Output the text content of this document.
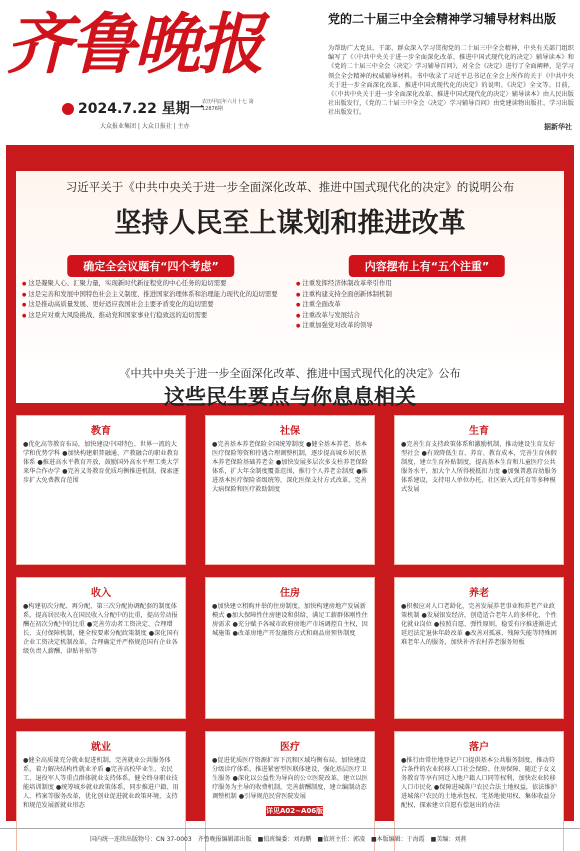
齐鲁晚报
2024.7.22 星期一
农历甲辰年六月十七 第12876期
大众报业集团 | 大众日报社 | 主办
党的二十届三中全会精神学习辅导材料出版
为帮助广大党员、干部、群众深入学习贯彻党的二十届三中全会精神，中央有关部门组织编写了《〈中共中央关于进一步全面深化改革、推进中国式现代化的决定〉辅导读本》和《党的二十届三中全会〈决定〉学习辅导百问》，对全会《决定》进行了全面阐释，是学习领会全会精神的权威辅导材料。书中收录了习近平总书记在全会上所作的关于《中共中央关于进一步全面深化改革、推进中国式现代化的决定》的说明、《决定》全文等。目前，《〈中共中央关于进一步全面深化改革、推进中国式现代化的决定〉辅导读本》由人民出版社出版发行，《党的二十届三中全会〈决定〉学习辅导百问》由党建读物出版社、学习出版社出版发行。
据新华社
习近平关于《中共中央关于进一步全面深化改革、推进中国式现代化的决定》的说明公布
坚持人民至上谋划和推进改革
确定全会议题有“四个考虑”
● 这是凝聚人心、汇聚力量，实现新时代新征程党的中心任务的迫切需要
● 这是完善和发展中国特色社会主义制度、推进国家治理体系和治理能力现代化的迫切需要
● 这是推动高质量发展、更好适应我国社会主要矛盾变化的迫切需要
● 这是应对重大风险挑战、推动党和国家事业行稳致远的迫切需要
内容摆布上有“五个注重”
● 注重发挥经济体制改革牵引作用
● 注重构建支持全面创新体制机制
● 注重全面改革
● 注重改革与发展结合
● 注重加强党对改革的领导
《中共中央关于进一步全面深化改革、推进中国式现代化的决定》公布
这些民生要点与你息息相关
教育
●优化高等教育布局，加快建设中国特色、世界一流的大学和优势学科 ●加快构建职普融通、产教融合的职业教育体系 ●推进高水平教育开放，鼓励国外高水平理工类大学来华合作办学 ●完善义务教育优质均衡推进机制，探索逐步扩大免费教育范围
社保
●完善基本养老保险全国统筹制度 ●健全基本养老、基本医疗保险筹资和待遇合理调整机制，逐步提高城乡居民基本养老保险基础养老金 ●加快发展多层次多支柱养老保险体系，扩大年金制度覆盖范围，推行个人养老金制度 ●推进基本医疗保险省级统筹，深化医保支付方式改革，完善大病保险和医疗救助制度
生育
●完善生育支持政策体系和激励机制，推动建设生育友好型社会 ●有效降低生育、养育、教育成本，完善生育休假制度，建立生育补贴制度，提高基本生育和儿童医疗公共服务水平，加大个人所得税抵扣力度 ●加强普惠育幼服务体系建设，支持用人单位办托、社区嵌入式托育等多种模式发展
收入
●构建初次分配、再分配、第三次分配协调配套的制度体系，提高居民收入在国民收入分配中的比重，提高劳动报酬在初次分配中的比重 ●完善劳动者工资决定、合理增长、支付保障机制，健全按要素分配政策制度 ●深化国有企业工资决定机制改革，合理确定并严格规范国有企业各级负责人薪酬、津贴补贴等
住房
●加快建立租购并举的住房制度，加快构建房地产发展新模式 ●加大保障性住房建设和供给，满足工薪群体刚性住房需求 ●充分赋予各城市政府房地产市场调控自主权，因城施策 ●改革房地产开发融资方式和商品房预售制度
养老
●积极应对人口老龄化，完善发展养老事业和养老产业政策机制 ●发展银发经济，创造适合老年人的多样化、个性化就业岗位 ●按照自愿、弹性原则，稳妥有序推进渐进式延迟法定退休年龄改革 ●改善对孤寡、残障失能等特殊困难老年人的服务，加快补齐农村养老服务短板
就业
●健全高质量充分就业促进机制，完善就业公共服务体系，着力解决结构性就业矛盾 ●完善高校毕业生、农民工、退役军人等重点群体就业支持体系，健全终身职业技能培训制度 ●统筹城乡就业政策体系，同步推进户籍、用人、档案等服务改革，优化创业促进就业政策环境，支持和规范发展新就业形态
医疗
●促进优质医疗资源扩容下沉和区域均衡布局，加快建设分级诊疗体系，推进紧密型医联体建设，强化基层医疗卫生服务 ●深化以公益性为导向的公立医院改革，建立以医疗服务为主导的收费机制，完善薪酬制度，建立编制动态调整机制 ●引导规范民营医院发展
落户
●推行由常住地登记户口提供基本公共服务制度，推动符合条件的农业转移人口社会保险、住房保障、随迁子女义务教育等享有同迁入地户籍人口同等权利，加快农业转移人口市民化 ●保障进城落户农民合法土地权益，依法维护进城落户农民的土地承包权、宅基地使用权、集体收益分配权，探索建立自愿有偿退出的办法
详见A02~A06版
国内统一连续出版物号：CN 37-0003　齐鲁晚报编辑部出版　■值班编委：刘海鹏　■值班主任：郭凌　■本版编辑：于海霞　■美编：刘燕
